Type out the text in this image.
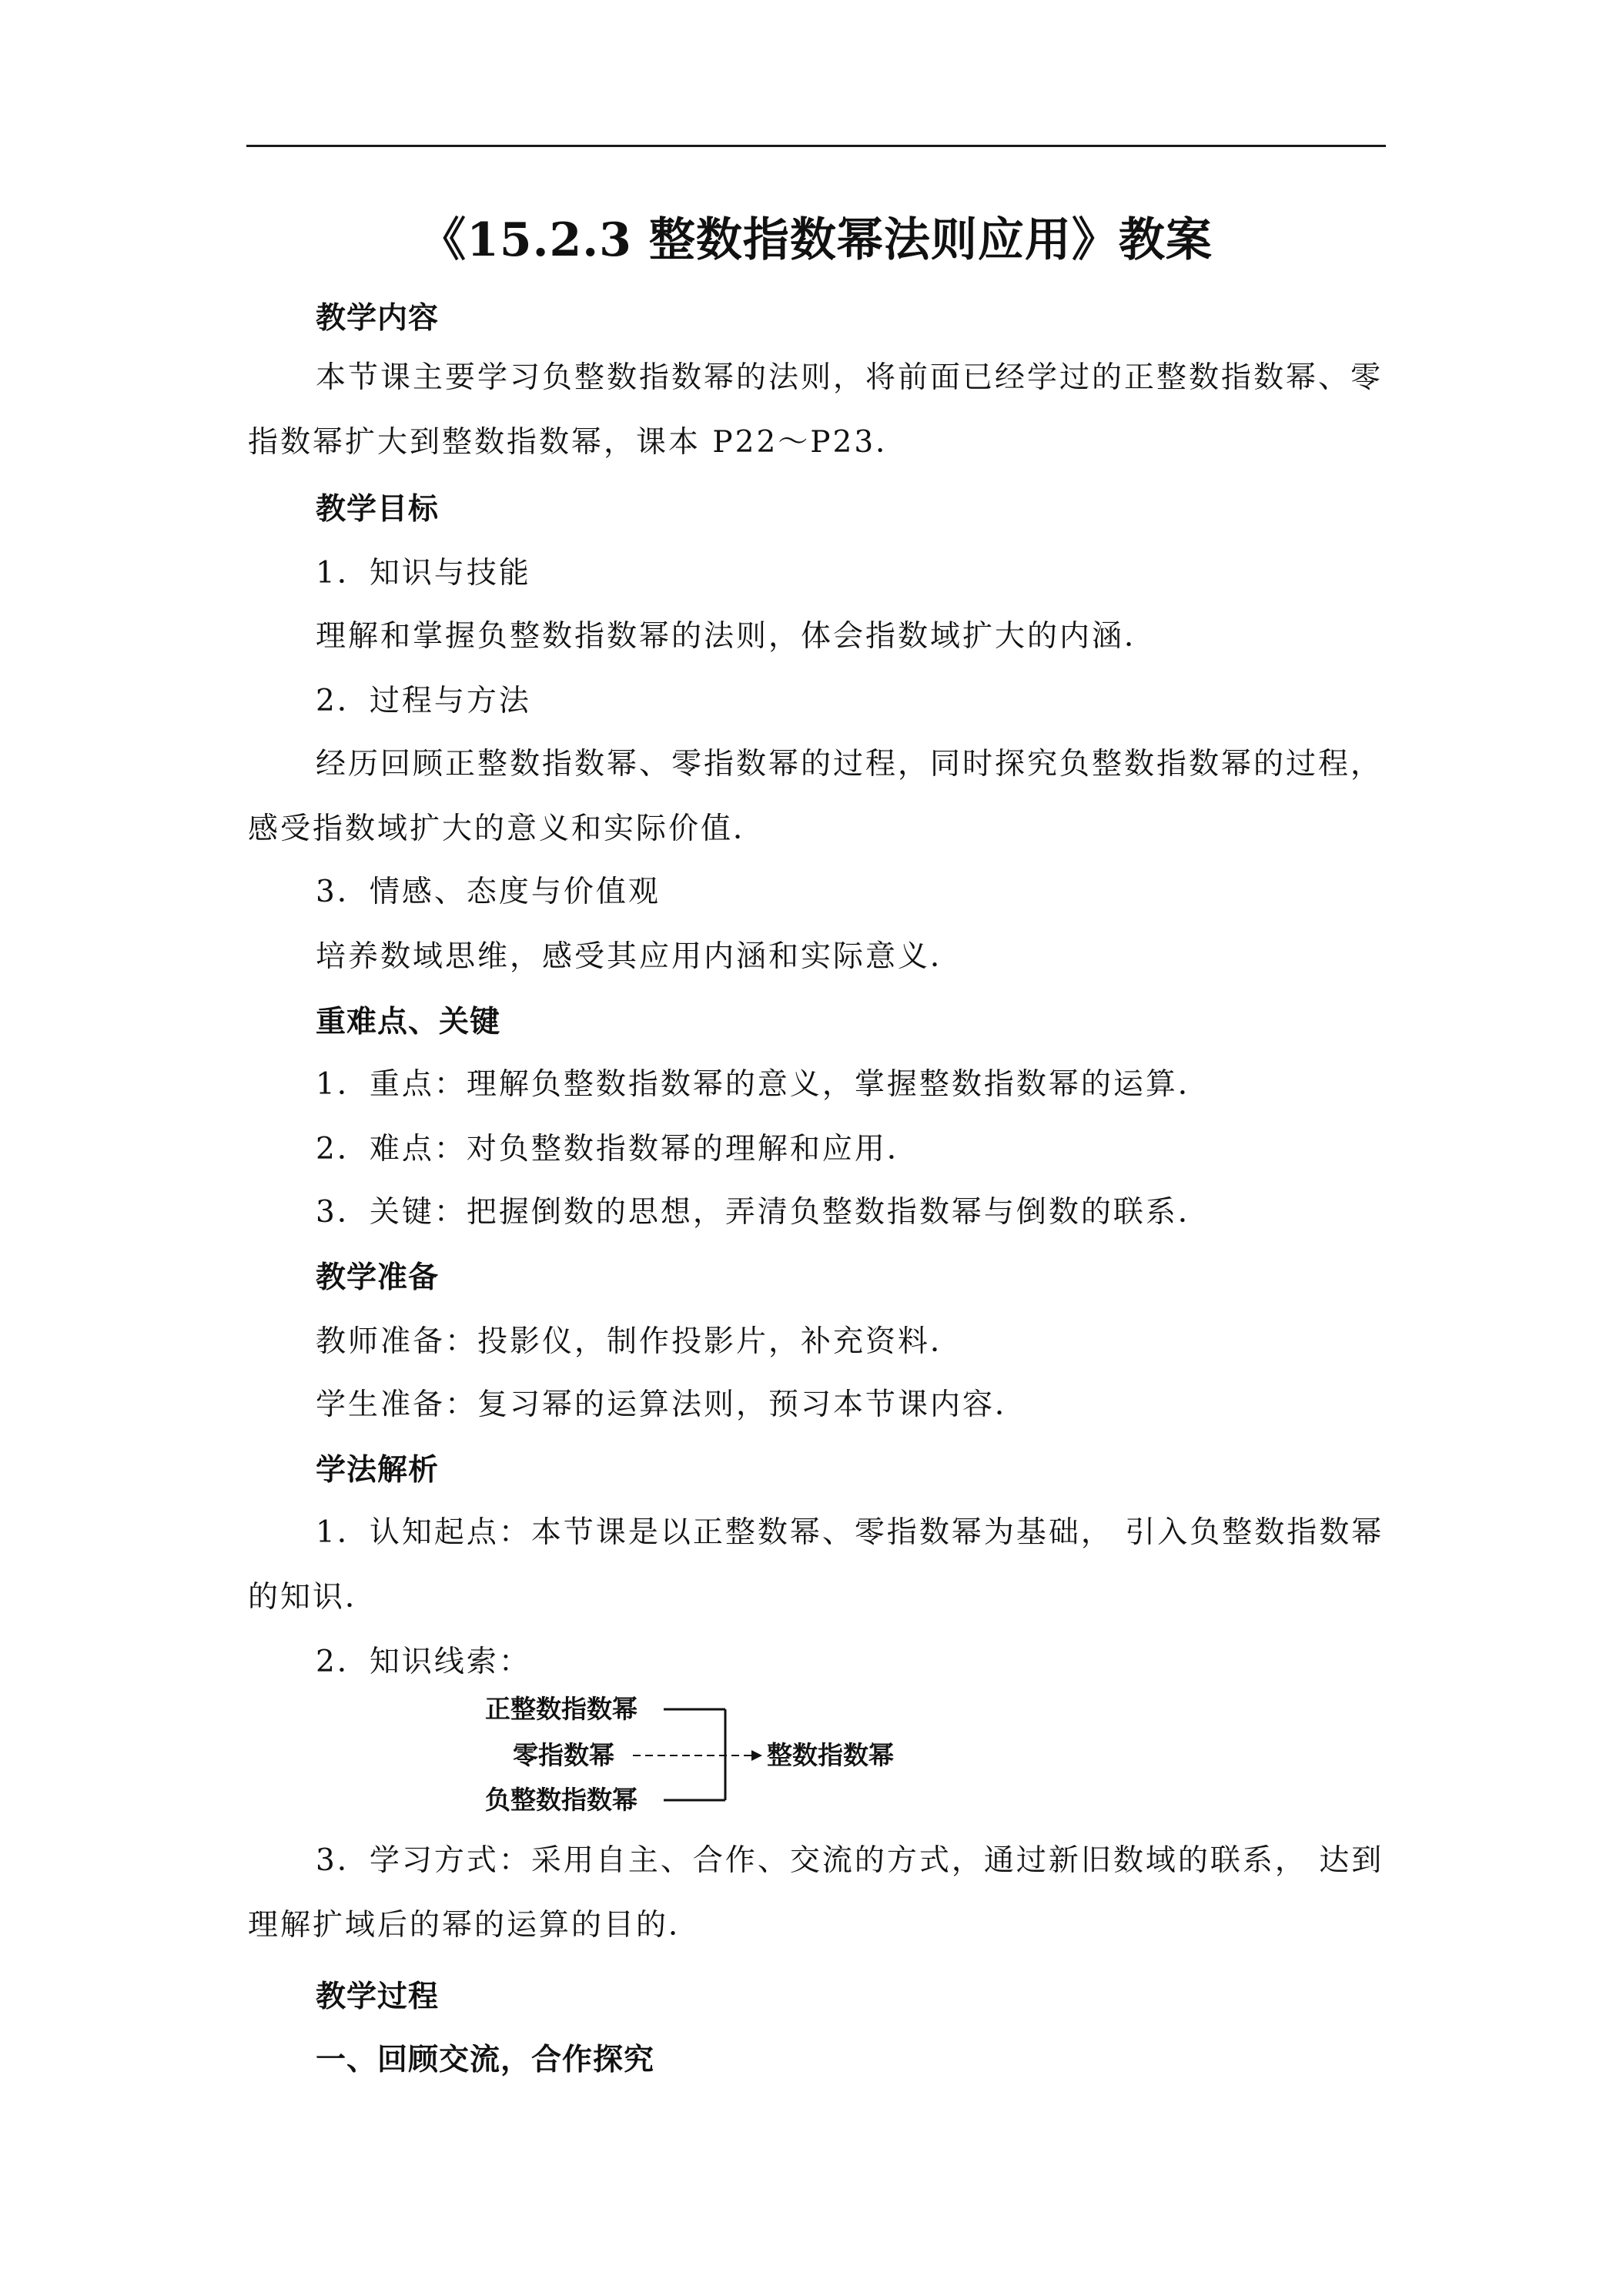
《15.2.3 整数指数幂法则应用》教案
教学内容
本节课主要学习负整数指数幂的法则，将前面已经学过的正整数指数幂、零
指数幂扩大到整数指数幂，课本 P22～P23．
教学目标
1．知识与技能
理解和掌握负整数指数幂的法则，体会指数域扩大的内涵．
2．过程与方法
经历回顾正整数指数幂、零指数幂的过程，同时探究负整数指数幂的过程，
感受指数域扩大的意义和实际价值．
3．情感、态度与价值观
培养数域思维，感受其应用内涵和实际意义．
重难点、关键
1．重点：理解负整数指数幂的意义，掌握整数指数幂的运算．
2．难点：对负整数指数幂的理解和应用．
3．关键：把握倒数的思想，弄清负整数指数幂与倒数的联系．
教学准备
教师准备：投影仪，制作投影片，补充资料．
学生准备：复习幂的运算法则，预习本节课内容．
学法解析
1．认知起点：本节课是以正整数幂、零指数幂为基础， 引入负整数指数幂
的知识．
2．知识线索：
正整数指数幂
零指数幂
负整数指数幂
整数指数幂
3．学习方式：采用自主、合作、交流的方式，通过新旧数域的联系， 达到
理解扩域后的幂的运算的目的．
教学过程
一、回顾交流，合作探究
